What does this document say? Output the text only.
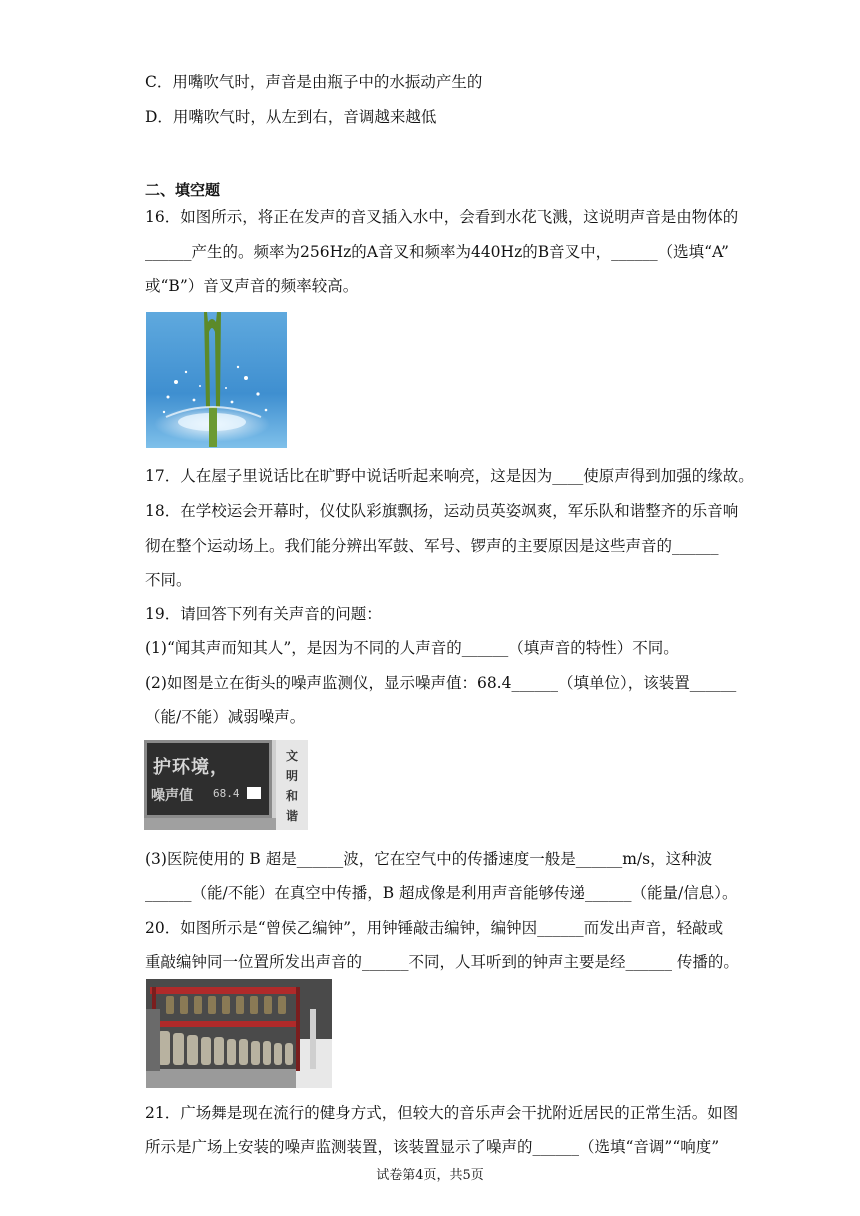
C．用嘴吹气时，声音是由瓶子中的水振动产生的
D．用嘴吹气时，从左到右，音调越来越低
二、填空题
16．如图所示，将正在发声的音叉插入水中，会看到水花飞溅，这说明声音是由物体的
______产生的。频率为256Hz的A音叉和频率为440Hz的B音叉中，______（选填“A”
或“B”）音叉声音的频率较高。
17．人在屋子里说话比在旷野中说话听起来响亮，这是因为____使原声得到加强的缘故。
18．在学校运会开幕时，仪仗队彩旗飘扬，运动员英姿飒爽，军乐队和谐整齐的乐音响
彻在整个运动场上。我们能分辨出军鼓、军号、锣声的主要原因是这些声音的______
不同。
19．请回答下列有关声音的问题：
(1)“闻其声而知其人”，是因为不同的人声音的______（填声音的特性）不同。
(2)如图是立在街头的噪声监测仪，显示噪声值：68.4______（填单位），该装置______
（能/不能）减弱噪声。
护环境，
噪声值 68.4
文
明
和
谐
(3)医院使用的 B 超是______波，它在空气中的传播速度一般是______m/s，这种波
______（能/不能）在真空中传播，B 超成像是利用声音能够传递______（能量/信息）。
20．如图所示是“曾侯乙编钟”，用钟锤敲击编钟，编钟因______而发出声音，轻敲或
重敲编钟同一位置所发出声音的______不同，人耳听到的钟声主要是经______ 传播的。
21．广场舞是现在流行的健身方式，但较大的音乐声会干扰附近居民的正常生活。如图
所示是广场上安装的噪声监测装置，该装置显示了噪声的______（选填“音调”“响度”
试卷第4页，共5页
